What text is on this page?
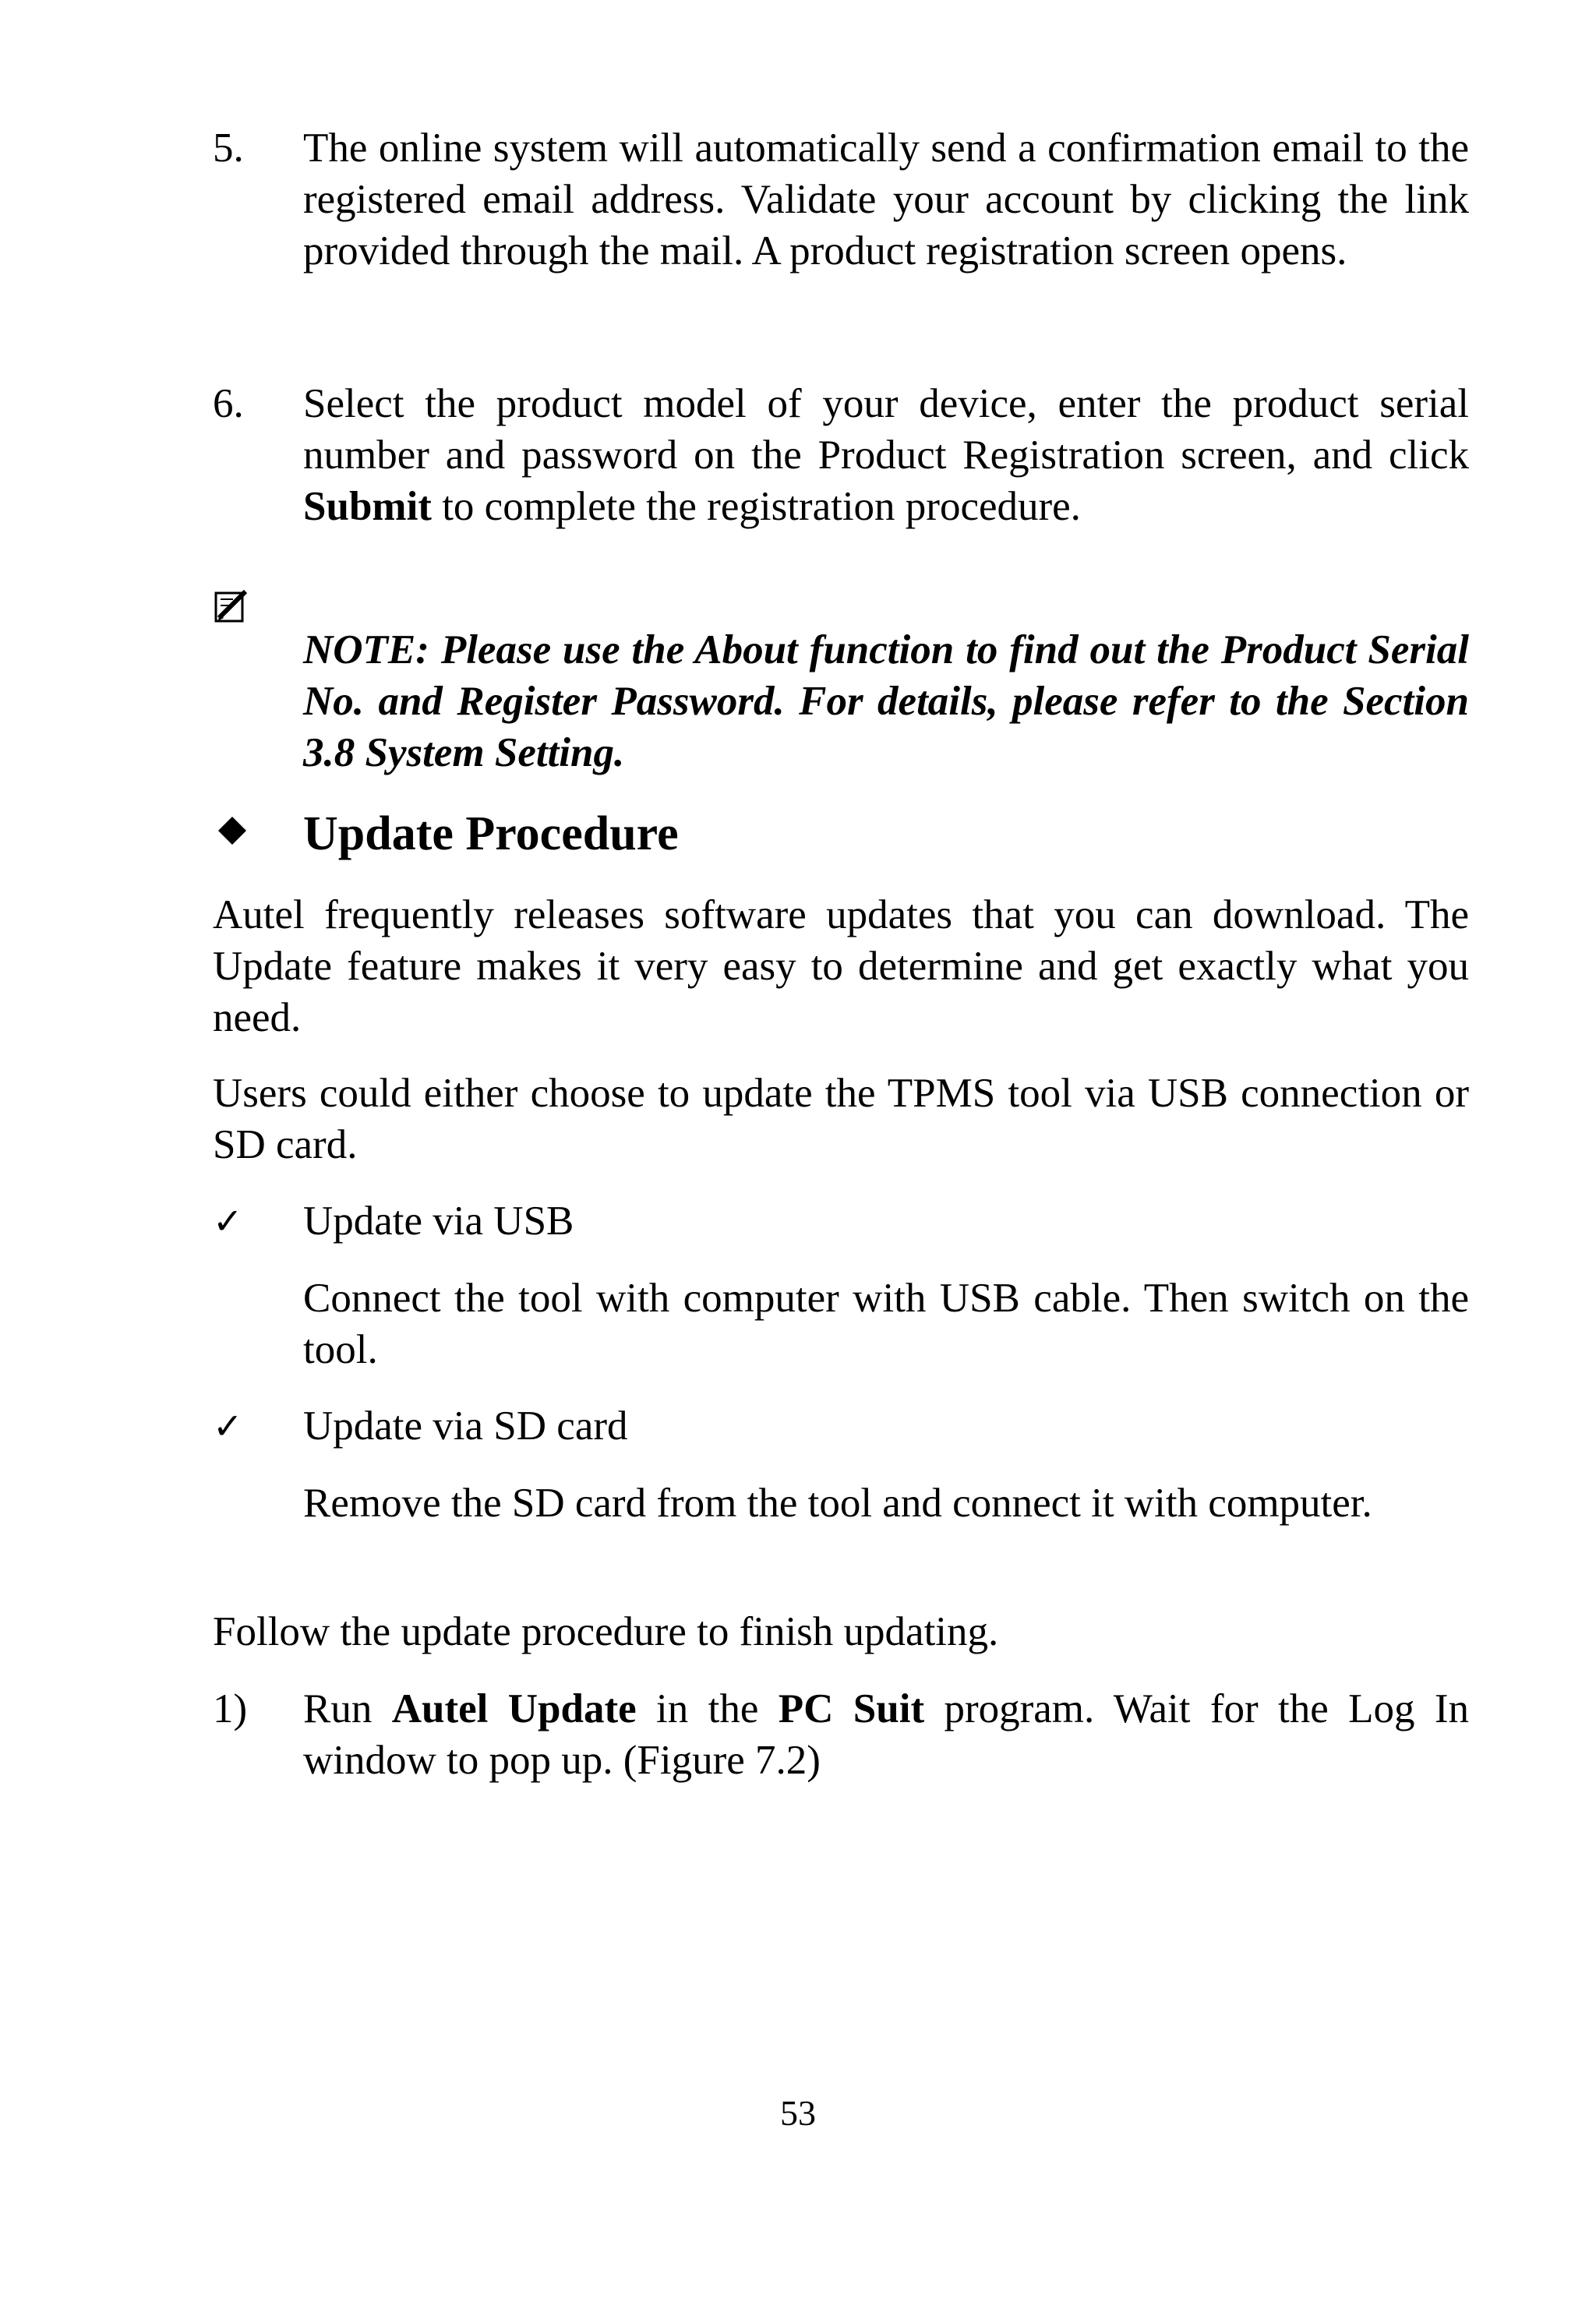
5. The online system will automatically send a confirmation email to the registered email address. Validate your account by clicking the link provided through the mail. A product registration screen opens.

6. Select the product model of your device, enter the product serial number and password on the Product Registration screen, and click Submit to complete the registration procedure.

NOTE: Please use the About function to find out the Product Serial No. and Register Password. For details, please refer to the Section 3.8 System Setting.

Update Procedure

Autel frequently releases software updates that you can download. The Update feature makes it very easy to determine and get exactly what you need.

Users could either choose to update the TPMS tool via USB connection or SD card.

✓ Update via USB

Connect the tool with computer with USB cable. Then switch on the tool.

✓ Update via SD card

Remove the SD card from the tool and connect it with computer.

Follow the update procedure to finish updating.

1) Run Autel Update in the PC Suit program. Wait for the Log In window to pop up. (Figure 7.2)

53
